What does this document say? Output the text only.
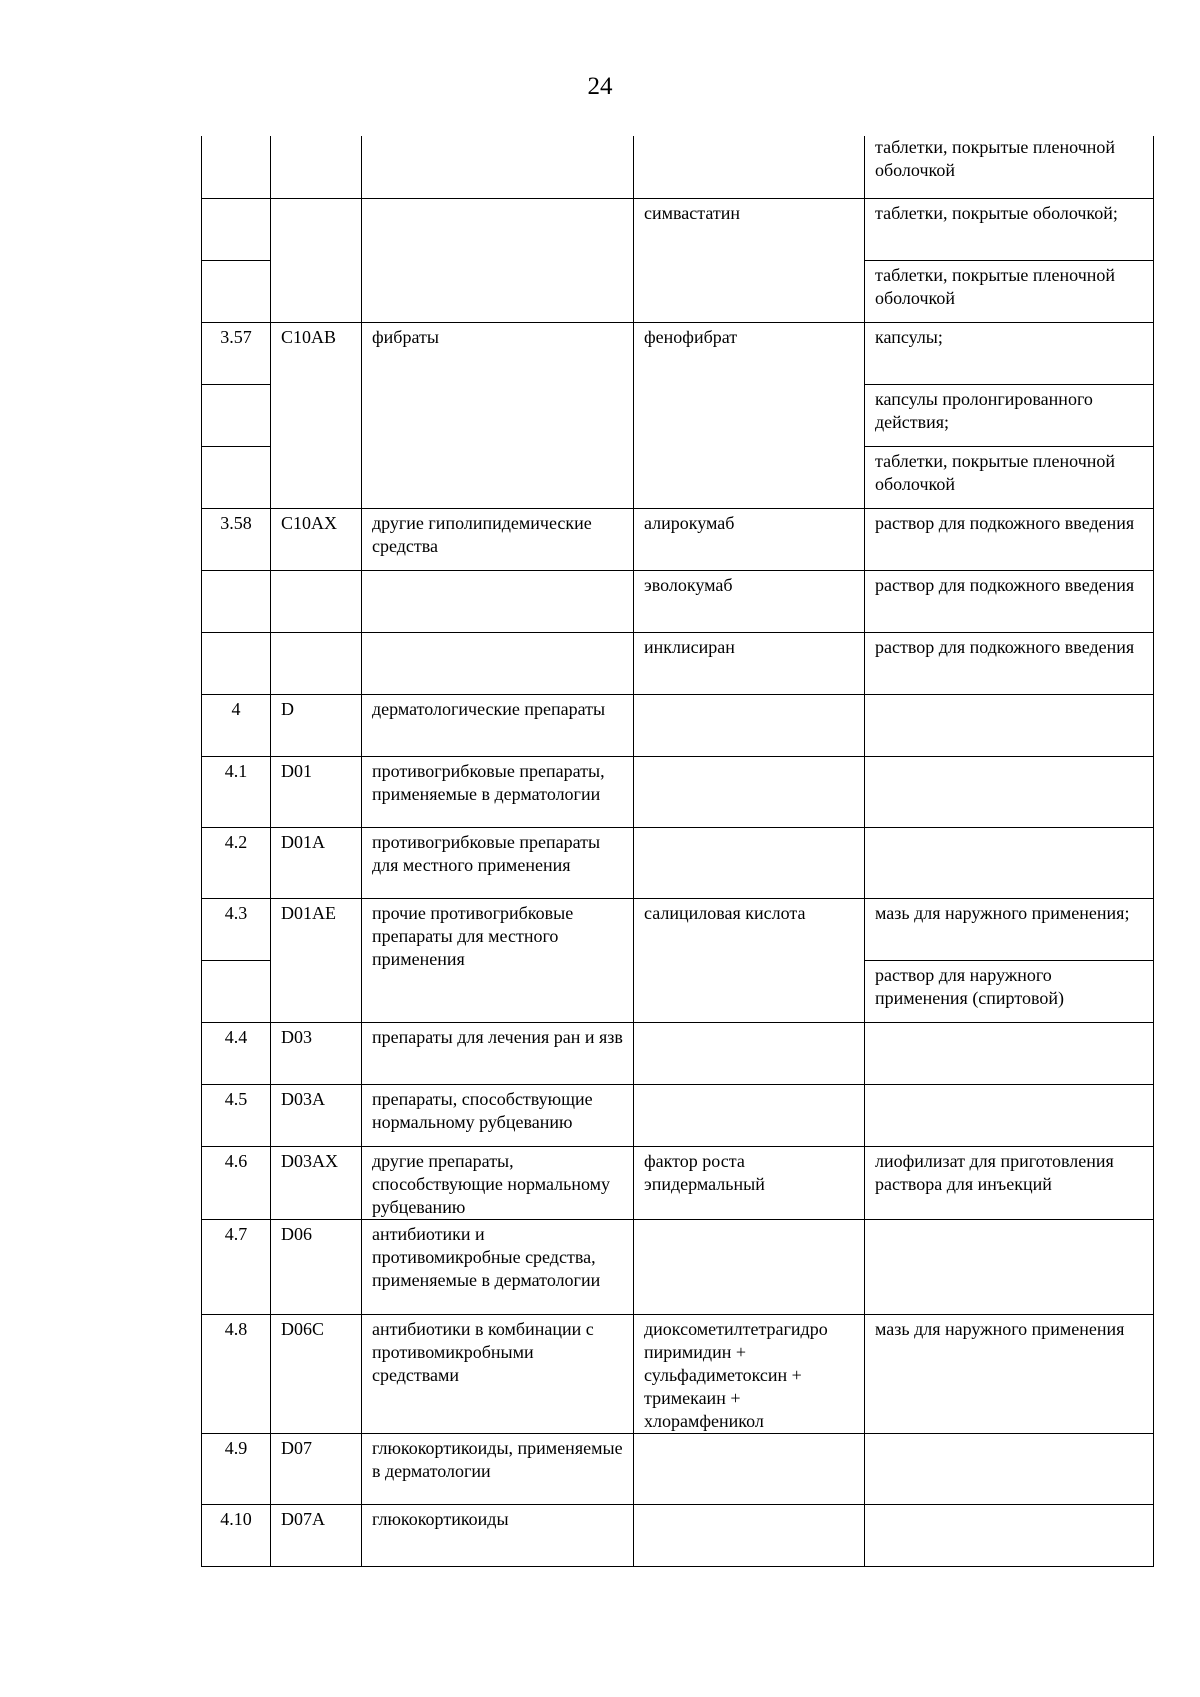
24
				таблетки, покрытые пленочной оболочкой
			симвастатин	таблетки, покрытые оболочкой;
				таблетки, покрытые пленочной оболочкой
3.57	C10AB	фибраты	фенофибрат	капсулы;
				капсулы пролонгированного действия;
				таблетки, покрытые пленочной оболочкой
3.58	C10AX	другие гиполипидемические средства	алирокумаб	раствор для подкожного введения
			эволокумаб	раствор для подкожного введения
			инклисиран	раствор для подкожного введения
4	D	дерматологические препараты		
4.1	D01	противогрибковые препараты, применяемые в дерматологии		
4.2	D01A	противогрибковые препараты для местного применения		
4.3	D01AE	прочие противогрибковые препараты для местного применения	салициловая кислота	мазь для наружного применения;
				раствор для наружного применения (спиртовой)
4.4	D03	препараты для лечения ран и язв		
4.5	D03A	препараты, способствующие нормальному рубцеванию		
4.6	D03AX	другие препараты, способствующие нормальному рубцеванию	фактор роста эпидермальный	лиофилизат для приготовления раствора для инъекций
4.7	D06	антибиотики и противомикробные средства, применяемые в дерматологии		
4.8	D06C	антибиотики в комбинации с противомикробными средствами	диоксометилтетрагидро пиримидин + сульфадиметоксин + тримекаин + хлорамфеникол	мазь для наружного применения
4.9	D07	глюкокортикоиды, применяемые в дерматологии		
4.10	D07A	глюкокортикоиды		
